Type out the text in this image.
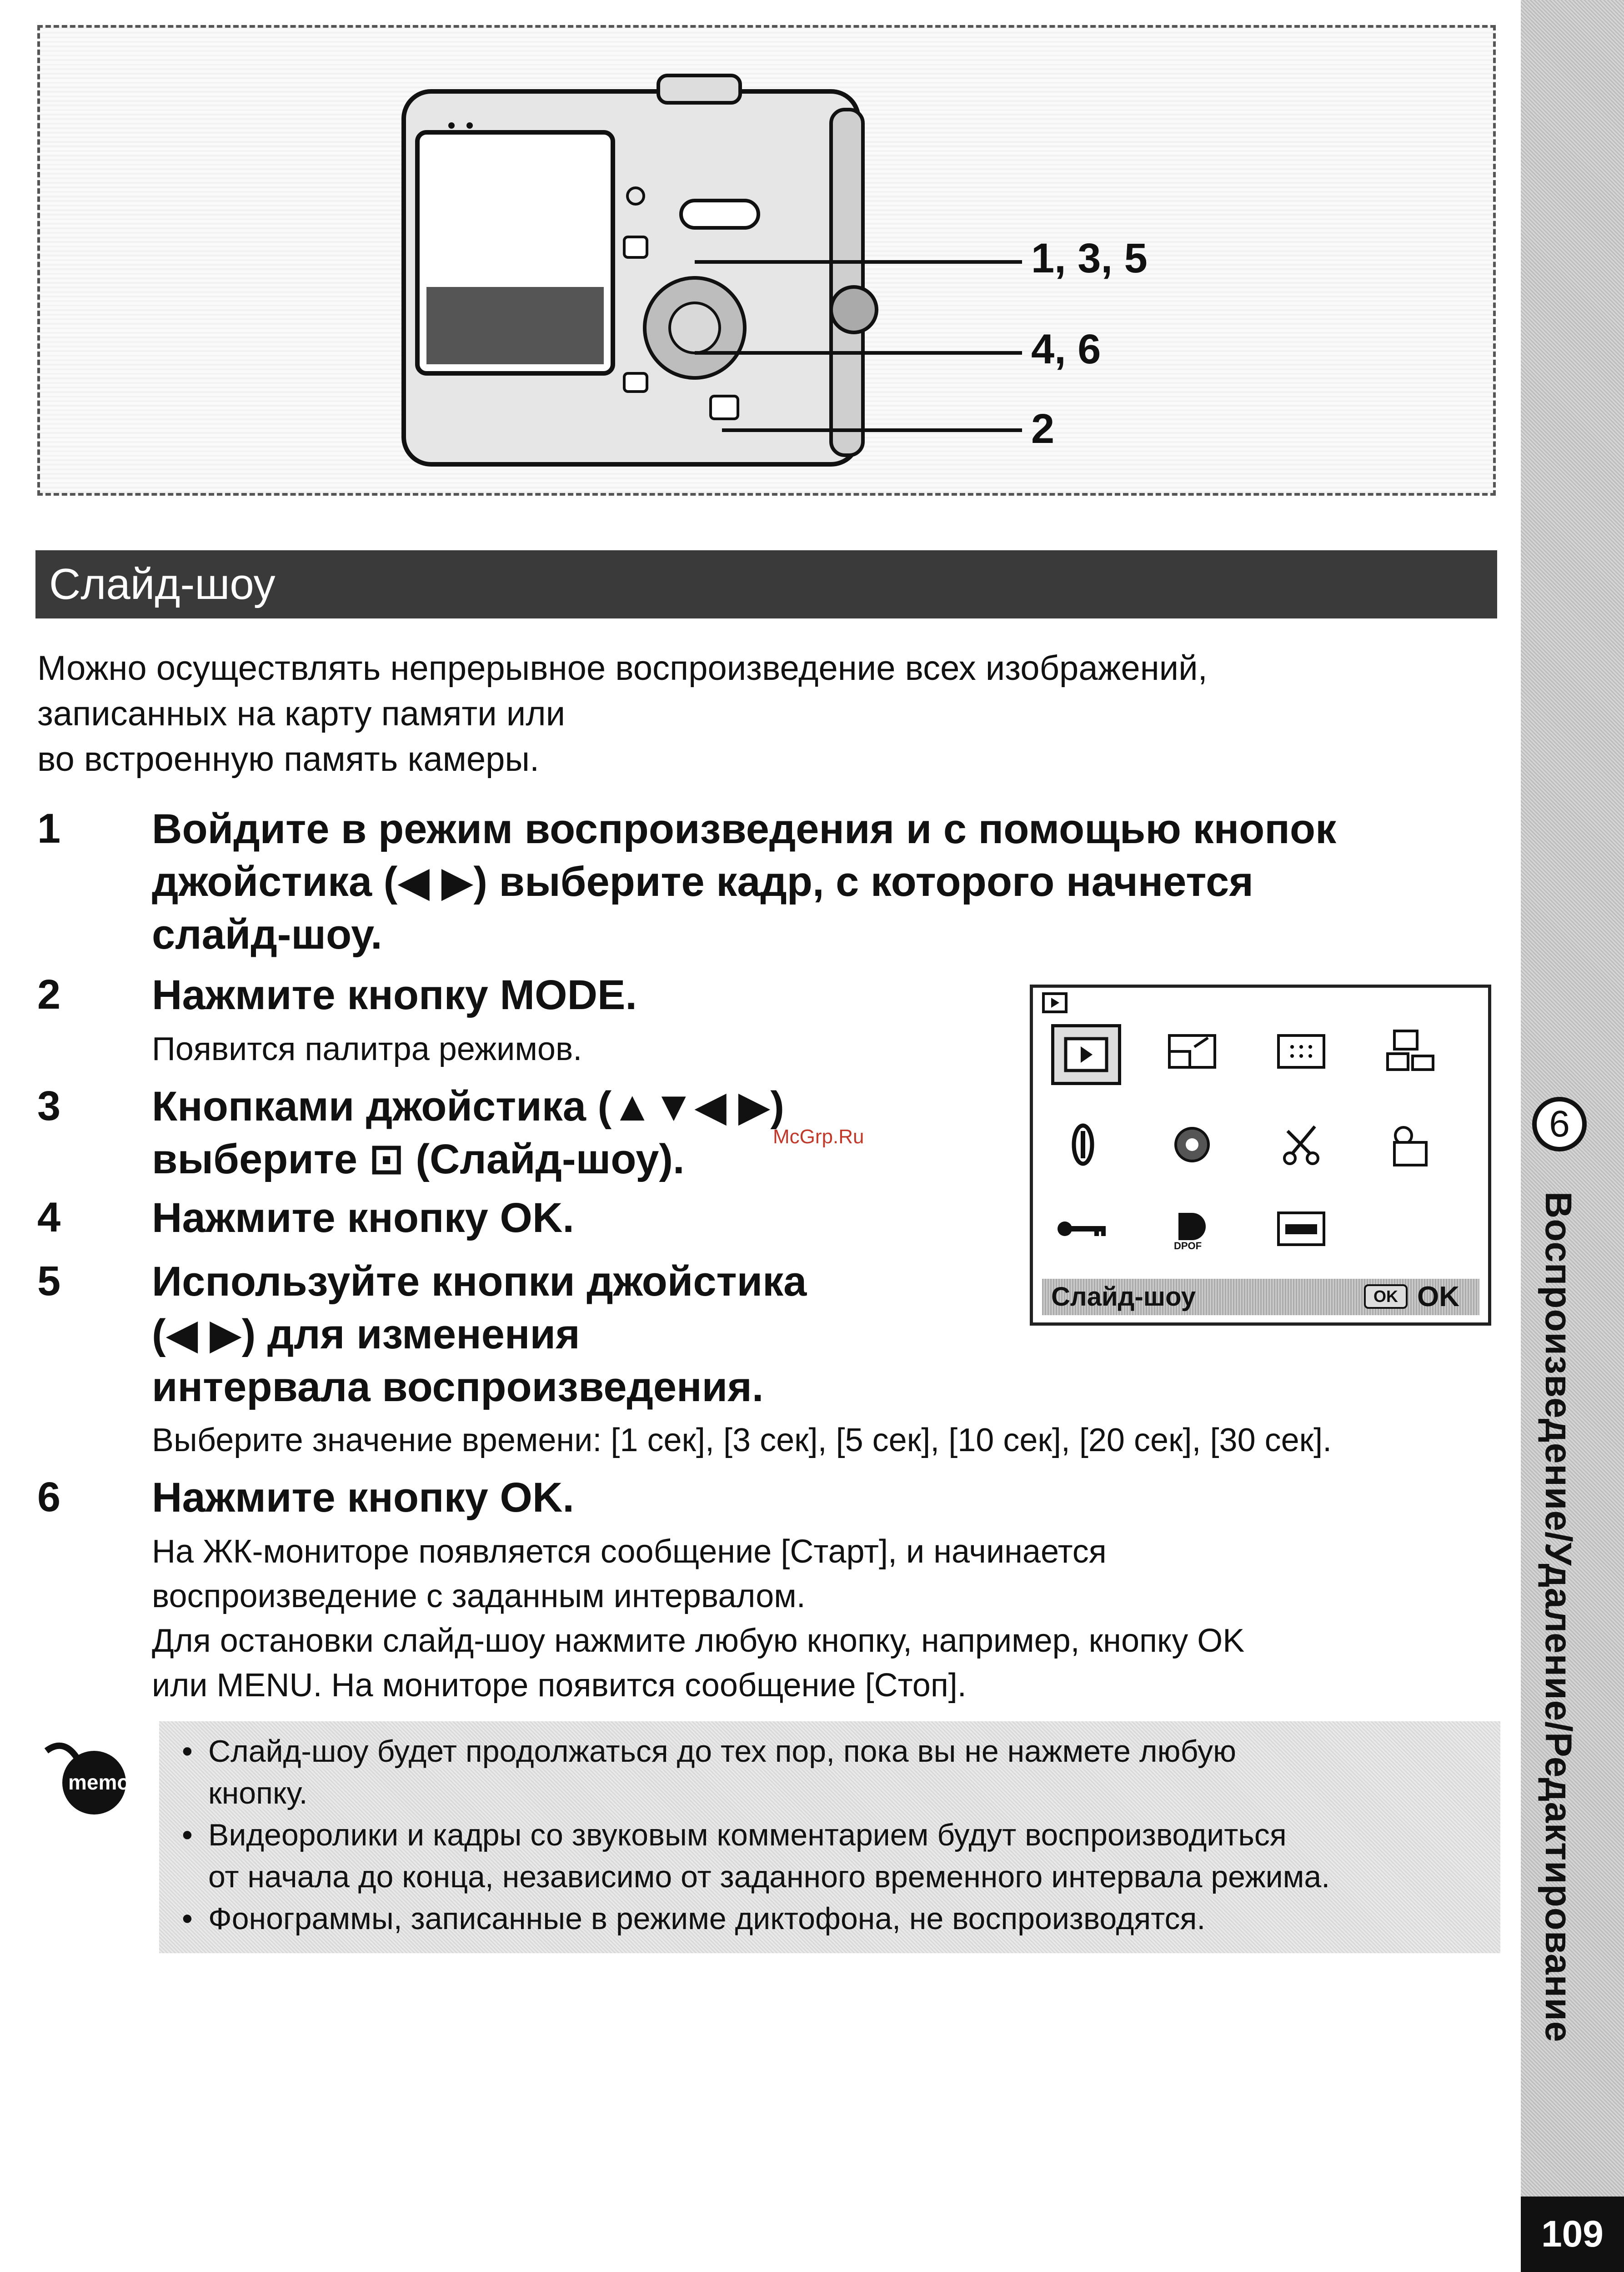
6
Воспроизведение/Удаление/Редактирование
109
1, 3, 5
4, 6
2
Слайд-шоу
Можно осуществлять непрерывное воспроизведение всех изображений,
записанных на карту памяти или
во встроенную память камеры.
1 Войдите в режим воспроизведения и с помощью кнопок
джойстика (◀ ▶) выберите кадр, с которого начнется
слайд-шоу.
2 Нажмите кнопку MODE.
Появится палитра режимов.
3 Кнопками джойстика (▲▼◀ ▶)
выберите ⊡ (Слайд-шоу).
4 Нажмите кнопку OK.
5 Используйте кнопки джойстика
(◀ ▶) для изменения
интервала воспроизведения.
Выберите значение времени: [1 сек], [3 сек], [5 сек], [10 сек], [20 сек], [30 сек].
6 Нажмите кнопку OK.
На ЖК-мониторе появляется сообщение [Старт], и начинается
воспроизведение с заданным интервалом.
Для остановки слайд-шоу нажмите любую кнопку, например, кнопку OK
или MENU. На мониторе появится сообщение [Стоп].
DPOF
Слайд-шоу	OK OK
McGrp.Ru
memo
• Слайд-шоу будет продолжаться до тех пор, пока вы не нажмете любую
кнопку.
• Видеоролики и кадры со звуковым комментарием будут воспроизводиться
от начала до конца, независимо от заданного временного интервала режима.
• Фонограммы, записанные в режиме диктофона, не воспроизводятся.
